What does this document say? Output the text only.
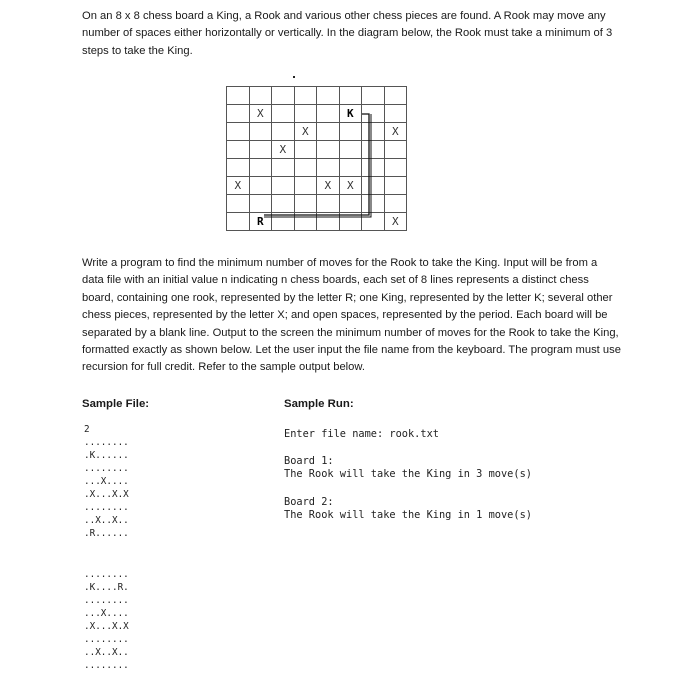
On an 8 x 8 chess board a King, a Rook and various other chess pieces are found. A Rook may move any number of spaces either horizontally or vertically. In the diagram below, the Rook must take a minimum of 3 steps to take the King.

	X				K		
			X				X
		X					

X				X	X		

	R						X

Write a program to find the minimum number of moves for the Rook to take the King. Input will be from a data file with an initial value n indicating n chess boards, each set of 8 lines represents a distinct chess board, containing one rook, represented by the letter R; one King, represented by the letter K; several other chess pieces, represented by the letter X; and open spaces, represented by the period. Each board will be separated by a blank line. Output to the screen the minimum number of moves for the Rook to take the King, formatted exactly as shown below. Let the user input the file name from the keyboard. The program must use recursion for full credit. Refer to the sample output below.

Sample File:	Sample Run:
2
........
.K......
........
...X....
.X...X.X
........
..X..X..
.R......
........
.K....R.
........
...X....
.X...X.X
........
..X..X..
........
Enter file name: rook.txt
Board 1:
The Rook will take the King in 3 move(s)
Board 2:
The Rook will take the King in 1 move(s)
